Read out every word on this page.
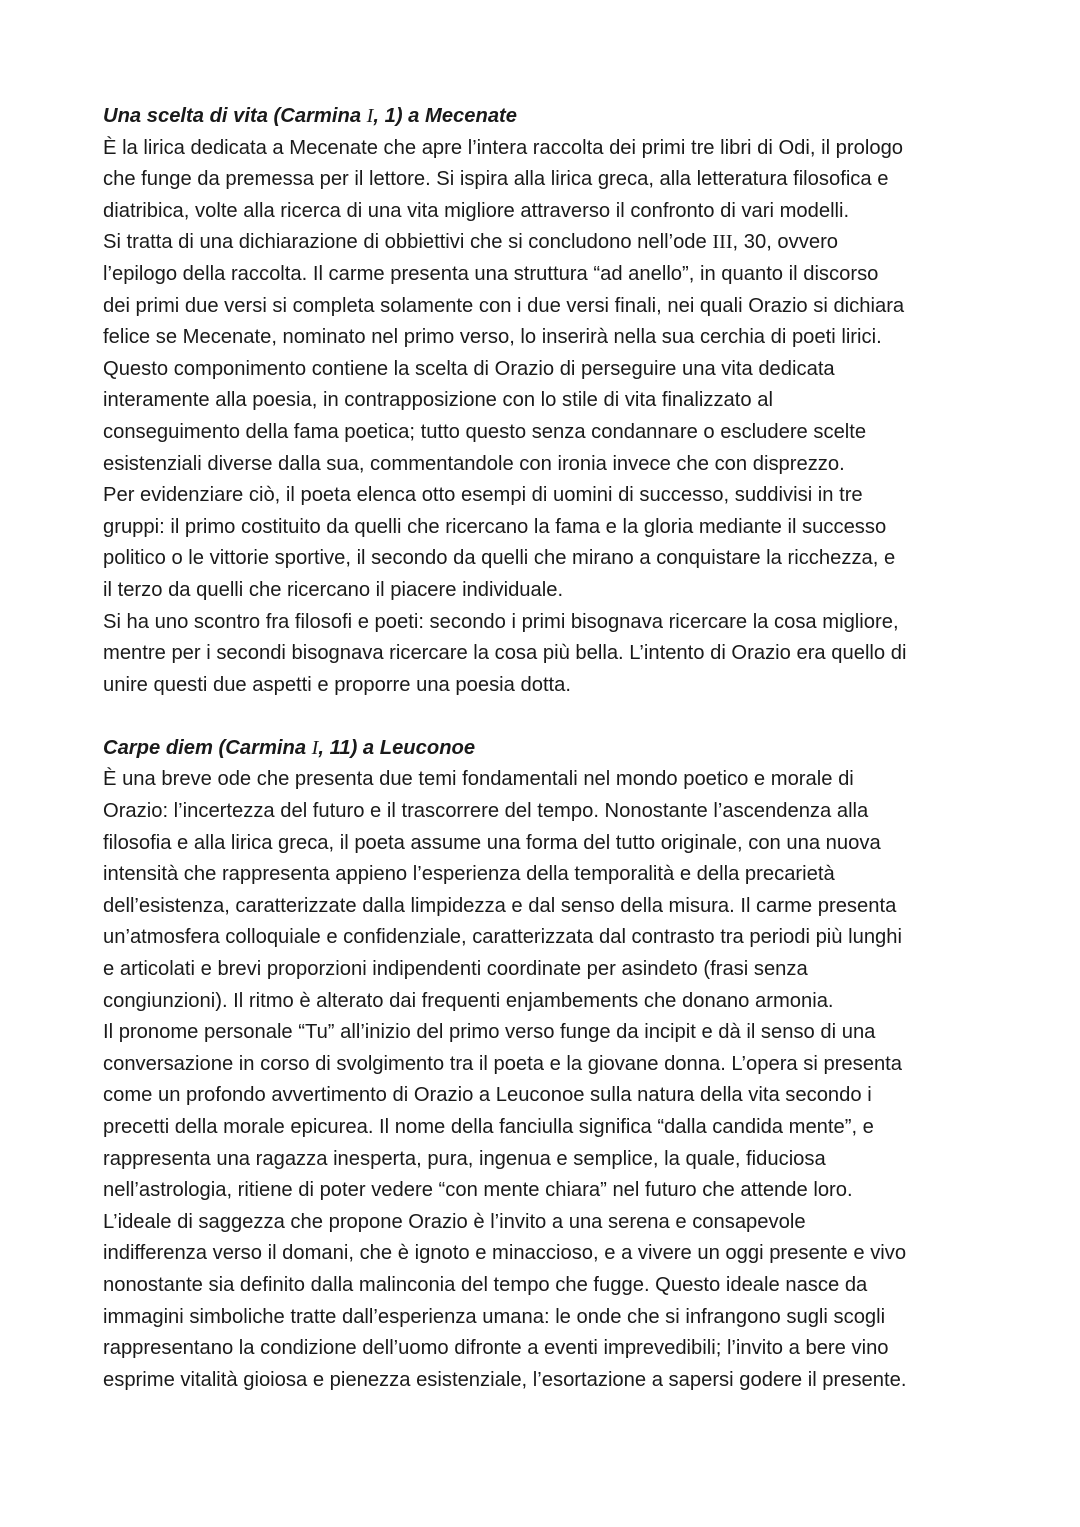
Una scelta di vita (Carmina I, 1) a Mecenate

È la lirica dedicata a Mecenate che apre l’intera raccolta dei primi tre libri di Odi, il prologo
che funge da premessa per il lettore. Si ispira alla lirica greca, alla letteratura filosofica e
diatribica, volte alla ricerca di una vita migliore attraverso il confronto di vari modelli.
Si tratta di una dichiarazione di obbiettivi che si concludono nell’ode III, 30, ovvero
l’epilogo della raccolta. Il carme presenta una struttura “ad anello”, in quanto il discorso
dei primi due versi si completa solamente con i due versi finali, nei quali Orazio si dichiara
felice se Mecenate, nominato nel primo verso, lo inserirà nella sua cerchia di poeti lirici.
Questo componimento contiene la scelta di Orazio di perseguire una vita dedicata
interamente alla poesia, in contrapposizione con lo stile di vita finalizzato al
conseguimento della fama poetica; tutto questo senza condannare o escludere scelte
esistenziali diverse dalla sua, commentandole con ironia invece che con disprezzo.
Per evidenziare ciò, il poeta elenca otto esempi di uomini di successo, suddivisi in tre
gruppi: il primo costituito da quelli che ricercano la fama e la gloria mediante il successo
politico o le vittorie sportive, il secondo da quelli che mirano a conquistare la ricchezza, e
il terzo da quelli che ricercano il piacere individuale.
Si ha uno scontro fra filosofi e poeti: secondo i primi bisognava ricercare la cosa migliore,
mentre per i secondi bisognava ricercare la cosa più bella. L’intento di Orazio era quello di
unire questi due aspetti e proporre una poesia dotta.

Carpe diem (Carmina I, 11) a Leuconoe

È una breve ode che presenta due temi fondamentali nel mondo poetico e morale di
Orazio: l’incertezza del futuro e il trascorrere del tempo. Nonostante l’ascendenza alla
filosofia e alla lirica greca, il poeta assume una forma del tutto originale, con una nuova
intensità che rappresenta appieno l’esperienza della temporalità e della precarietà
dell’esistenza, caratterizzate dalla limpidezza e dal senso della misura. Il carme presenta
un’atmosfera colloquiale e confidenziale, caratterizzata dal contrasto tra periodi più lunghi
e articolati e brevi proporzioni indipendenti coordinate per asindeto (frasi senza
congiunzioni). Il ritmo è alterato dai frequenti enjambements che donano armonia.
Il pronome personale “Tu” all’inizio del primo verso funge da incipit e dà il senso di una
conversazione in corso di svolgimento tra il poeta e la giovane donna. L’opera si presenta
come un profondo avvertimento di Orazio a Leuconoe sulla natura della vita secondo i
precetti della morale epicurea. Il nome della fanciulla significa “dalla candida mente”, e
rappresenta una ragazza inesperta, pura, ingenua e semplice, la quale, fiduciosa
nell’astrologia, ritiene di poter vedere “con mente chiara” nel futuro che attende loro.
L’ideale di saggezza che propone Orazio è l’invito a una serena e consapevole
indifferenza verso il domani, che è ignoto e minaccioso, e a vivere un oggi presente e vivo
nonostante sia definito dalla malinconia del tempo che fugge. Questo ideale nasce da
immagini simboliche tratte dall’esperienza umana: le onde che si infrangono sugli scogli
rappresentano la condizione dell’uomo difronte a eventi imprevedibili; l’invito a bere vino
esprime vitalità gioiosa e pienezza esistenziale, l’esortazione a sapersi godere il presente.
